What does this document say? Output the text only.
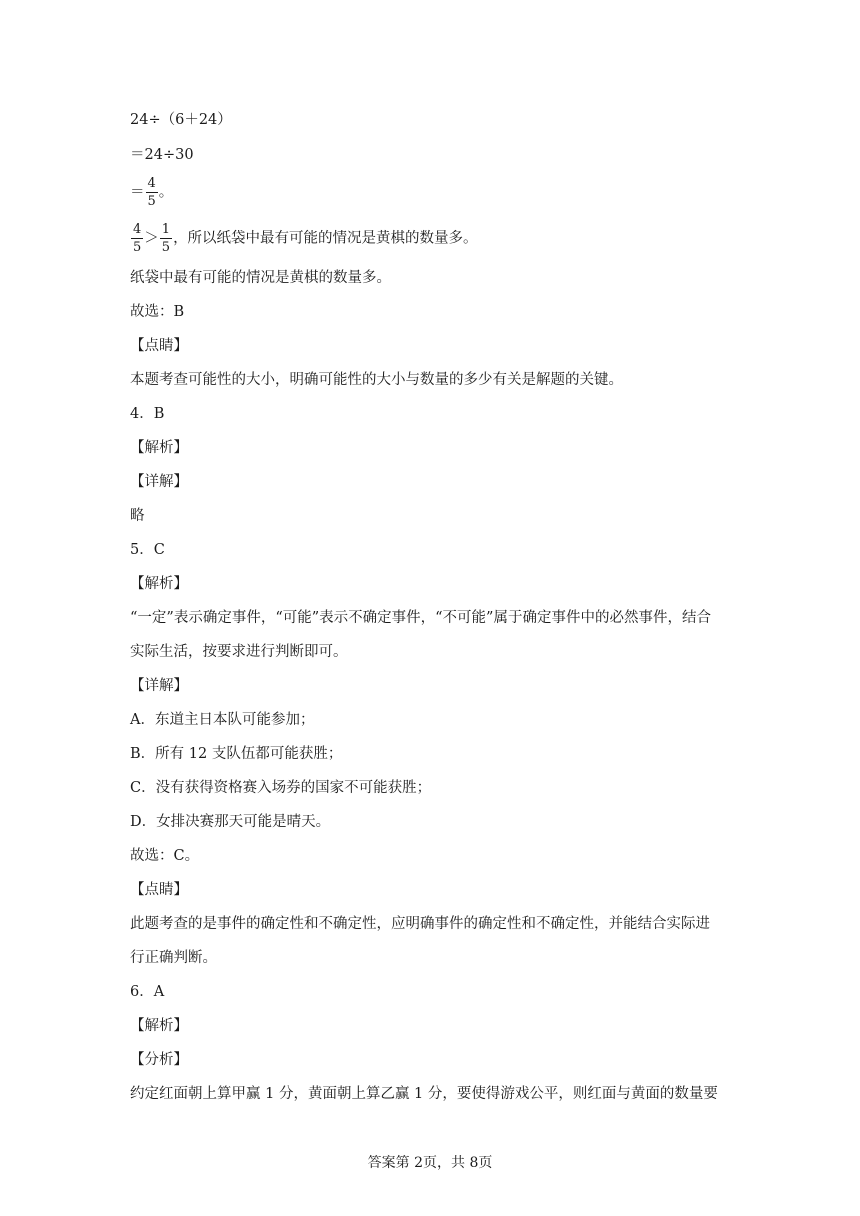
24÷（6＋24）
＝24÷30
＝ $\frac{4}{5}$ 。
$\frac{4}{5} > \frac{1}{5}$ ，所以纸袋中最有可能的情况是黄棋的数量多。
纸袋中最有可能的情况是黄棋的数量多。
故选：B
【点睛】
本题考查可能性的大小，明确可能性的大小与数量的多少有关是解题的关键。
4．B
【解析】
【详解】
略
5．C
【解析】
“一定”表示确定事件，“可能”表示不确定事件，“不可能”属于确定事件中的必然事件，结合
实际生活，按要求进行判断即可。
【详解】
A．东道主日本队可能参加；
B．所有 12 支队伍都可能获胜；
C．没有获得资格赛入场券的国家不可能获胜；
D．女排决赛那天可能是晴天。
故选：C。
【点睛】
此题考查的是事件的确定性和不确定性，应明确事件的确定性和不确定性，并能结合实际进
行正确判断。
6．A
【解析】
【分析】
约定红面朝上算甲赢 1 分，黄面朝上算乙赢 1 分，要使得游戏公平，则红面与黄面的数量要
答案第 2页，共 8页
